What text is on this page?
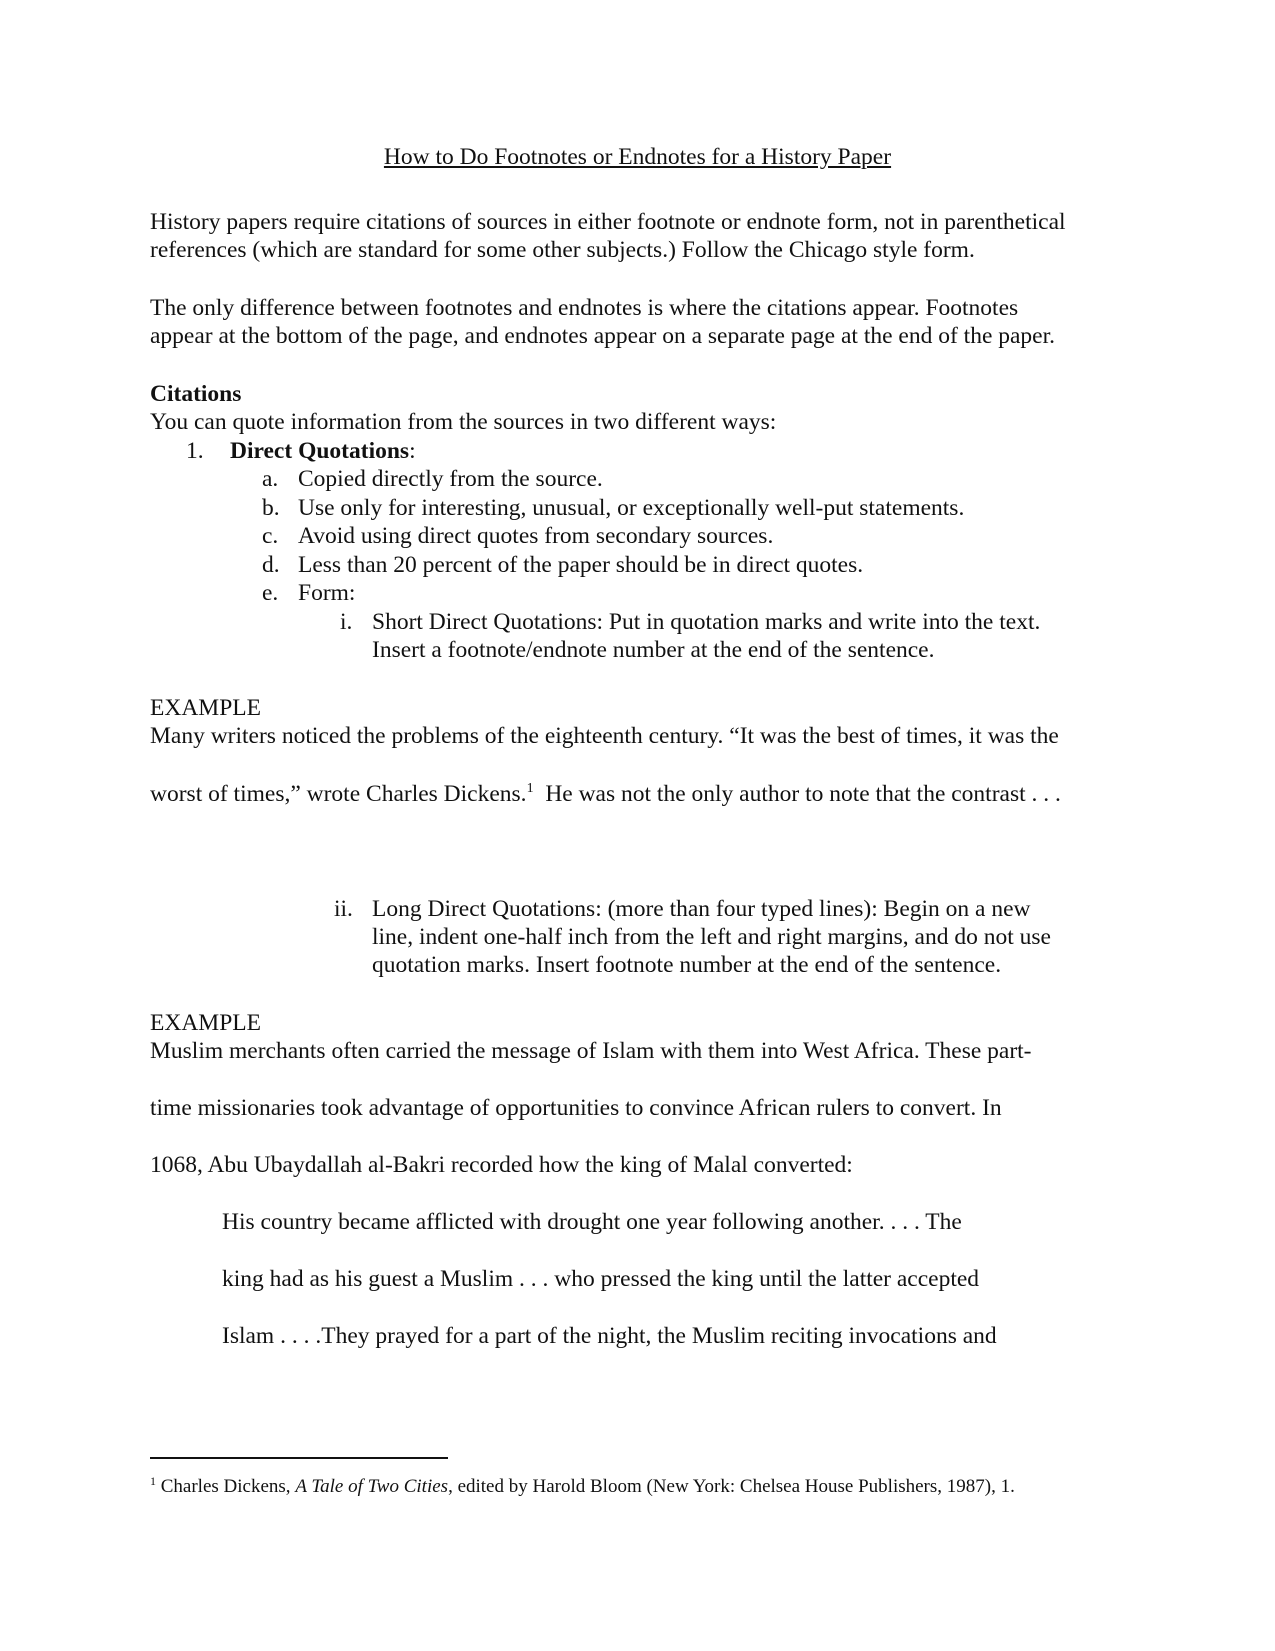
How to Do Footnotes or Endnotes for a History Paper
History papers require citations of sources in either footnote or endnote form, not in parenthetical
references (which are standard for some other subjects.) Follow the Chicago style form.
The only difference between footnotes and endnotes is where the citations appear. Footnotes
appear at the bottom of the page, and endnotes appear on a separate page at the end of the paper.
Citations
You can quote information from the sources in two different ways:
1. Direct Quotations:
a. Copied directly from the source.
b. Use only for interesting, unusual, or exceptionally well-put statements.
c. Avoid using direct quotes from secondary sources.
d. Less than 20 percent of the paper should be in direct quotes.
e. Form:
i. Short Direct Quotations: Put in quotation marks and write into the text.
Insert a footnote/endnote number at the end of the sentence.
EXAMPLE
Many writers noticed the problems of the eighteenth century. “It was the best of times, it was the
worst of times,” wrote Charles Dickens.$^1$  He was not the only author to note that the contrast . . .
ii. Long Direct Quotations: (more than four typed lines): Begin on a new
line, indent one-half inch from the left and right margins, and do not use
quotation marks. Insert footnote number at the end of the sentence.
EXAMPLE
Muslim merchants often carried the message of Islam with them into West Africa. These part-
time missionaries took advantage of opportunities to convince African rulers to convert. In
1068, Abu Ubaydallah al-Bakri recorded how the king of Malal converted:
His country became afflicted with drought one year following another. . . . The
king had as his guest a Muslim . . . who pressed the king until the latter accepted
Islam . . . .They prayed for a part of the night, the Muslim reciting invocations and
$^1$ Charles Dickens, A Tale of Two Cities, edited by Harold Bloom (New York: Chelsea House Publishers, 1987), 1.
